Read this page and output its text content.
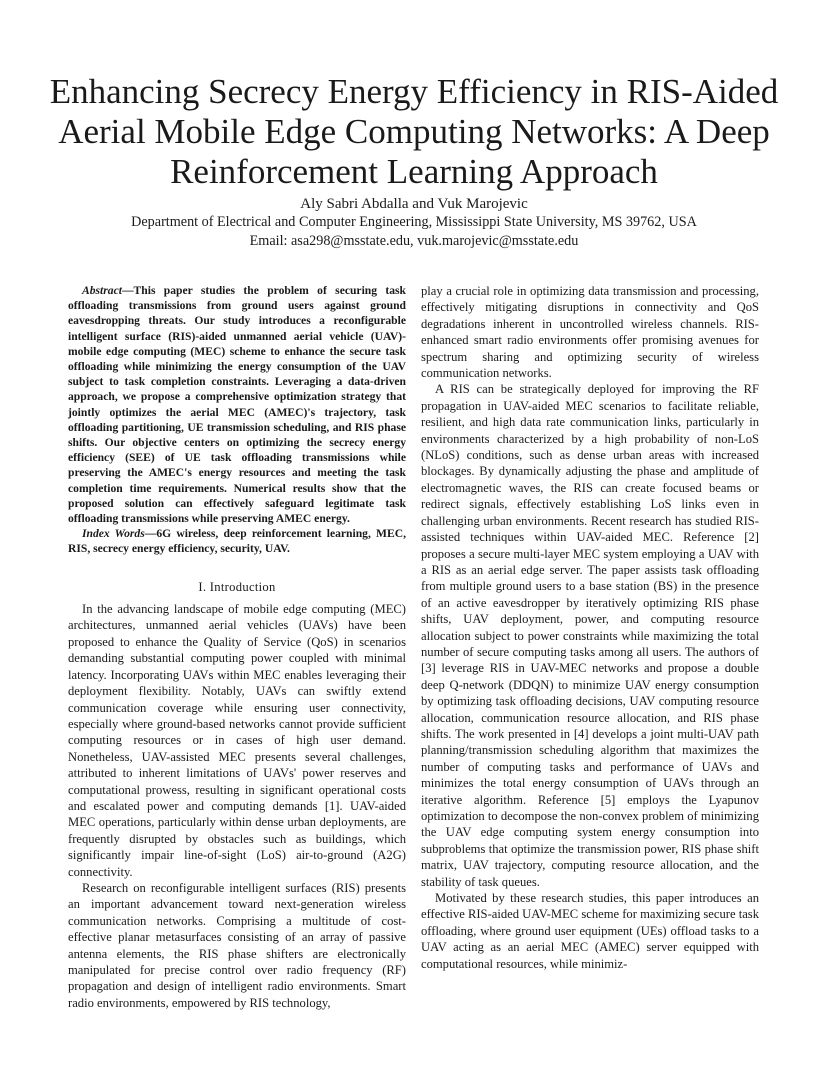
Enhancing Secrecy Energy Efficiency in RIS-Aided Aerial Mobile Edge Computing Networks: A Deep Reinforcement Learning Approach
Aly Sabri Abdalla and Vuk Marojevic
Department of Electrical and Computer Engineering, Mississippi State University, MS 39762, USA
Email: asa298@msstate.edu, vuk.marojevic@msstate.edu

Abstract—This paper studies the problem of securing task offloading transmissions from ground users against ground eavesdropping threats. Our study introduces a reconfigurable intelligent surface (RIS)-aided unmanned aerial vehicle (UAV)-mobile edge computing (MEC) scheme to enhance the secure task offloading while minimizing the energy consumption of the UAV subject to task completion constraints. Leveraging a data-driven approach, we propose a comprehensive optimization strategy that jointly optimizes the aerial MEC (AMEC)'s trajectory, task offloading partitioning, UE transmission scheduling, and RIS phase shifts. Our objective centers on optimizing the secrecy energy efficiency (SEE) of UE task offloading transmissions while preserving the AMEC's energy resources and meeting the task completion time requirements. Numerical results show that the proposed solution can effectively safeguard legitimate task offloading transmissions while preserving AMEC energy.

Index Words—6G wireless, deep reinforcement learning, MEC, RIS, secrecy energy efficiency, security, UAV.

I. Introduction

In the advancing landscape of mobile edge computing (MEC) architectures, unmanned aerial vehicles (UAVs) have been proposed to enhance the Quality of Service (QoS) in scenarios demanding substantial computing power coupled with minimal latency. Incorporating UAVs within MEC enables leveraging their deployment flexibility. Notably, UAVs can swiftly extend communication coverage while ensuring user connectivity, especially where ground-based networks cannot provide sufficient computing resources or in cases of high user demand. Nonetheless, UAV-assisted MEC presents several challenges, attributed to inherent limitations of UAVs' power reserves and computational prowess, resulting in significant operational costs and escalated power and computing demands [1]. UAV-aided MEC operations, particularly within dense urban deployments, are frequently disrupted by obstacles such as buildings, which significantly impair line-of-sight (LoS) air-to-ground (A2G) connectivity.

Research on reconfigurable intelligent surfaces (RIS) presents an important advancement toward next-generation wireless communication networks. Comprising a multitude of cost-effective planar metasurfaces consisting of an array of passive antenna elements, the RIS phase shifters are electronically manipulated for precise control over radio frequency (RF) propagation and design of intelligent radio environments. Smart radio environments, empowered by RIS technology,

play a crucial role in optimizing data transmission and processing, effectively mitigating disruptions in connectivity and QoS degradations inherent in uncontrolled wireless channels. RIS-enhanced smart radio environments offer promising avenues for spectrum sharing and optimizing security of wireless communication networks.

A RIS can be strategically deployed for improving the RF propagation in UAV-aided MEC scenarios to facilitate reliable, resilient, and high data rate communication links, particularly in environments characterized by a high probability of non-LoS (NLoS) conditions, such as dense urban areas with increased blockages. By dynamically adjusting the phase and amplitude of electromagnetic waves, the RIS can create focused beams or redirect signals, effectively establishing LoS links even in challenging urban environments. Recent research has studied RIS-assisted techniques within UAV-aided MEC. Reference [2] proposes a secure multi-layer MEC system employing a UAV with a RIS as an aerial edge server. The paper assists task offloading from multiple ground users to a base station (BS) in the presence of an active eavesdropper by iteratively optimizing RIS phase shifts, UAV deployment, power, and computing resource allocation subject to power constraints while maximizing the total number of secure computing tasks among all users. The authors of [3] leverage RIS in UAV-MEC networks and propose a double deep Q-network (DDQN) to minimize UAV energy consumption by optimizing task offloading decisions, UAV computing resource allocation, communication resource allocation, and RIS phase shifts. The work presented in [4] develops a joint multi-UAV path planning/transmission scheduling algorithm that maximizes the number of computing tasks and performance of UAVs and minimizes the total energy consumption of UAVs through an iterative algorithm. Reference [5] employs the Lyapunov optimization to decompose the non-convex problem of minimizing the UAV edge computing system energy consumption into subproblems that optimize the transmission power, RIS phase shift matrix, UAV trajectory, computing resource allocation, and the stability of task queues.

Motivated by these research studies, this paper introduces an effective RIS-aided UAV-MEC scheme for maximizing secure task offloading, where ground user equipment (UEs) offload tasks to a UAV acting as an aerial MEC (AMEC) server equipped with computational resources, while minimiz-
